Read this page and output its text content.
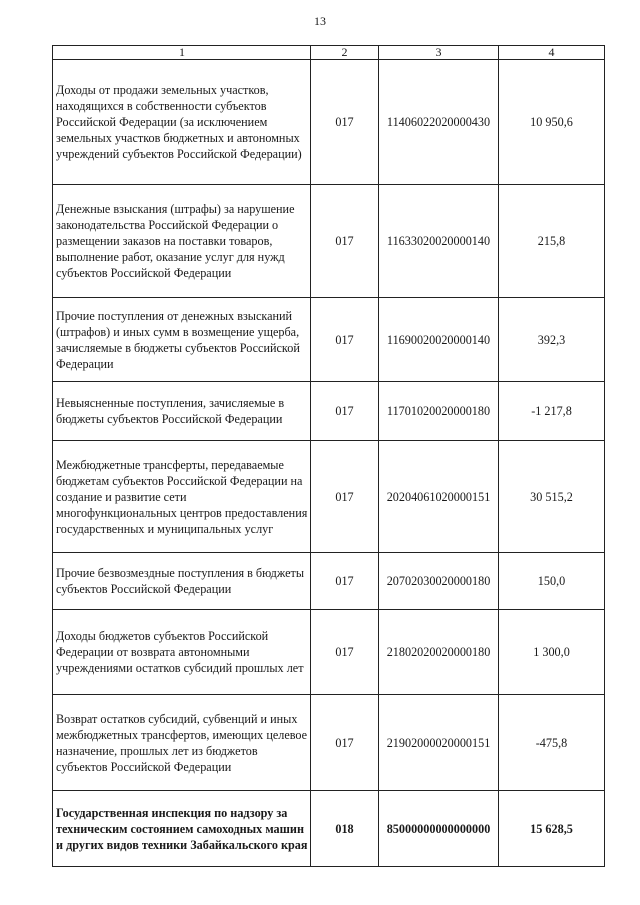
13
1	2	3	4
Доходы от продажи земельных участков, находящихся в собственности субъектов Российской Федерации (за исключением земельных участков бюджетных и автономных учреждений субъектов Российской Федерации)	017	11406022020000430	10 950,6
Денежные взыскания (штрафы) за нарушение законодательства Российской Федерации о размещении заказов на поставки товаров, выполнение работ, оказание услуг для нужд субъектов Российской Федерации	017	11633020020000140	215,8
Прочие поступления от денежных взысканий (штрафов) и иных сумм в возмещение ущерба, зачисляемые в бюджеты субъектов Российской Федерации	017	11690020020000140	392,3
Невыясненные поступления, зачисляемые в бюджеты субъектов Российской Федерации	017	11701020020000180	-1 217,8
Межбюджетные трансферты, передаваемые бюджетам субъектов Российской Федерации на создание и развитие сети многофункциональных центров предоставления государственных и муниципальных услуг	017	20204061020000151	30 515,2
Прочие безвозмездные поступления в бюджеты субъектов Российской Федерации	017	20702030020000180	150,0
Доходы бюджетов субъектов Российской Федерации от возврата автономными учреждениями остатков субсидий прошлых лет	017	21802020020000180	1 300,0
Возврат остатков субсидий, субвенций и иных межбюджетных трансфертов, имеющих целевое назначение, прошлых лет из бюджетов субъектов Российской Федерации	017	21902000020000151	-475,8
Государственная инспекция по надзору за техническим состоянием самоходных машин и других видов техники Забайкальского края	018	85000000000000000	15 628,5
